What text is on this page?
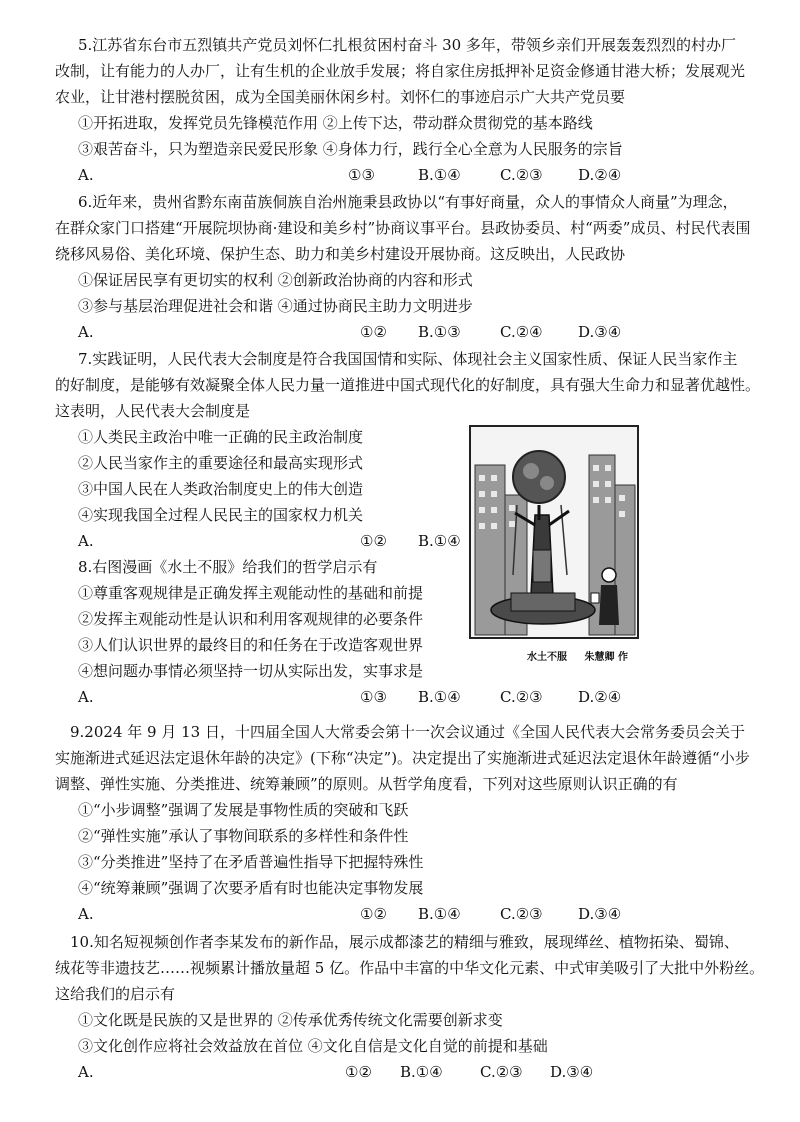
5.江苏省东台市五烈镇共产党员刘怀仁扎根贫困村奋斗 30 多年，带领乡亲们开展轰轰烈烈的村办厂
改制，让有能力的人办厂，让有生机的企业放手发展；将自家住房抵押补足资金修通甘港大桥；发展观光
农业，让甘港村摆脱贫困，成为全国美丽休闲乡村。刘怀仁的事迹启示广大共产党员要
①开拓进取，发挥党员先锋模范作用 ②上传下达，带动群众贯彻党的基本路线
③艰苦奋斗，只为塑造亲民爱民形象 ④身体力行，践行全心全意为人民服务的宗旨
A.	①③	B.①④	C.②③ D.②④
6.近年来，贵州省黔东南苗族侗族自治州施秉县政协以“有事好商量，众人的事情众人商量”为理念，
在群众家门口搭建“开展院坝协商·建设和美乡村”协商议事平台。县政协委员、村“两委”成员、村民代表围
绕移风易俗、美化环境、保护生态、助力和美乡村建设开展协商。这反映出，人民政协
①保证居民享有更切实的权利 ②创新政治协商的内容和形式
③参与基层治理促进社会和谐 ④通过协商民主助力文明进步
A.	①② B.①③	C.②④ D.③④
7.实践证明，人民代表大会制度是符合我国国情和实际、体现社会主义国家性质、保证人民当家作主
的好制度，是能够有效凝聚全体人民力量一道推进中国式现代化的好制度，具有强大生命力和显著优越性。
这表明，人民代表大会制度是
①人类民主政治中唯一正确的民主政治制度
②人民当家作主的重要途径和最高实现形式
③中国人民在人类政治制度史上的伟大创造
④实现我国全过程人民民主的国家权力机关
A.	①② B.①④
8.右图漫画《水土不服》给我们的哲学启示有
①尊重客观规律是正确发挥主观能动性的基础和前提
②发挥主观能动性是认识和利用客观规律的必要条件
③人们认识世界的最终目的和任务在于改造客观世界
④想问题办事情必须坚持一切从实际出发，实事求是
A.	①③ B.①④	C.②③ D.②④
水土不服 朱慧卿 作
9.2024 年 9 月 13 日，十四届全国人大常委会第十一次会议通过《全国人民代表大会常务委员会关于
实施渐进式延迟法定退休年龄的决定》(下称“决定”)。决定提出了实施渐进式延迟法定退休年龄遵循“小步
调整、弹性实施、分类推进、统筹兼顾”的原则。从哲学角度看，下列对这些原则认识正确的有
①“小步调整”强调了发展是事物性质的突破和飞跃
②“弹性实施”承认了事物间联系的多样性和条件性
③“分类推进”坚持了在矛盾普遍性指导下把握特殊性
④“统筹兼顾”强调了次要矛盾有时也能决定事物发展
A.	①② B.①④	C.②③ D.③④
10.知名短视频创作者李某发布的新作品，展示成都漆艺的精细与雅致，展现缂丝、植物拓染、蜀锦、
绒花等非遗技艺……视频累计播放量超 5 亿。作品中丰富的中华文化元素、中式审美吸引了大批中外粉丝。
这给我们的启示有
①文化既是民族的又是世界的 ②传承优秀传统文化需要创新求变
③文化创作应将社会效益放在首位 ④文化自信是文化自觉的前提和基础
A.	①② B.①④ C.②③ D.③④
